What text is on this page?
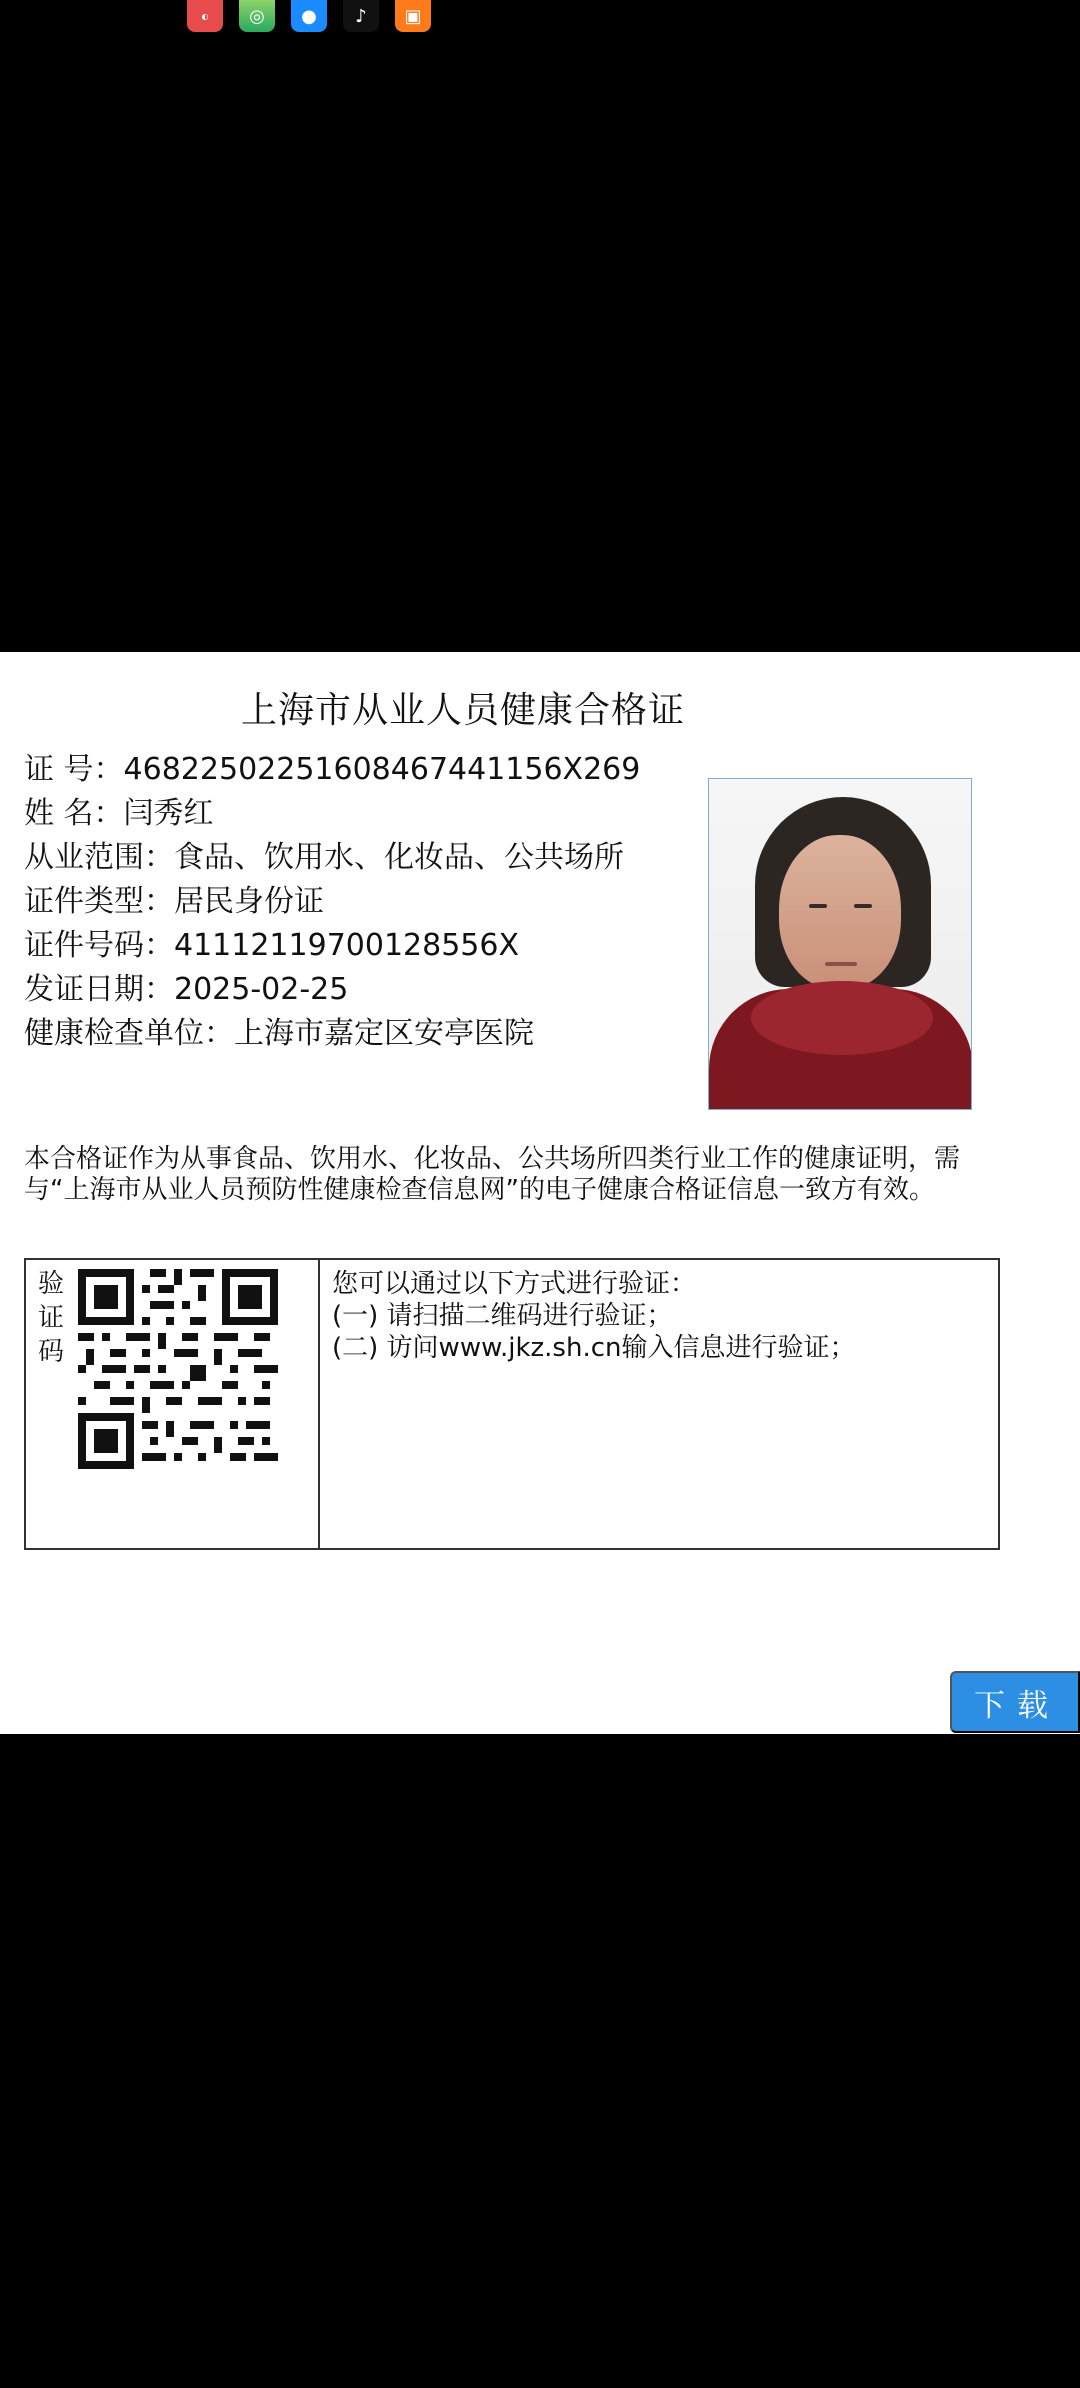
◐	◎	●	♪	▣
上海市从业人员健康合格证
证 号：46822502251608467441156X269
姓 名：闫秀红
从业范围：食品、饮用水、化妆品、公共场所
证件类型：居民身份证
证件号码：41112119700128556X
发证日期：2025-02-25
健康检查单位：上海市嘉定区安亭医院
本合格证作为从事食品、饮用水、化妆品、公共场所四类行业工作的健康证明，需 与“上海市从业人员预防性健康检查信息网”的电子健康合格证信息一致方有效。
验证码
您可以通过以下方式进行验证：
(一) 请扫描二维码进行验证；
(二) 访问www.jkz.sh.cn输入信息进行验证；
下载
